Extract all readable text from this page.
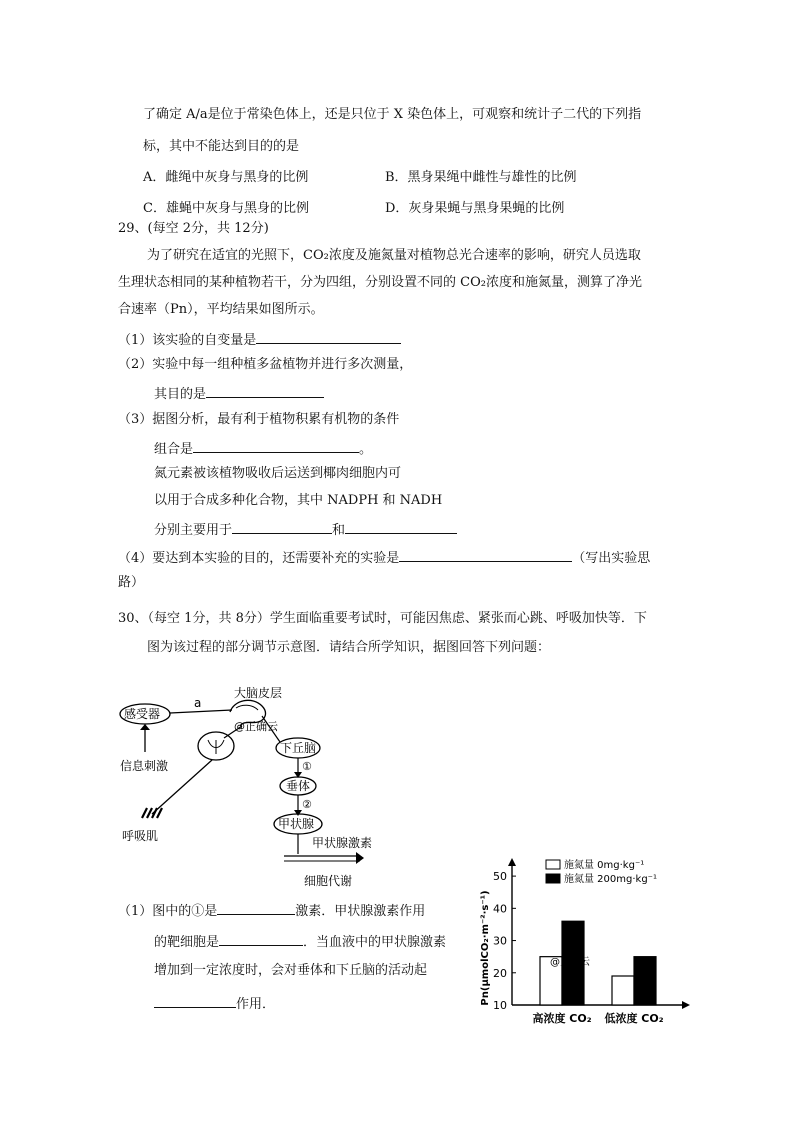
了确定 A/a是位于常染色体上，还是只位于 X 染色体上，可观察和统计子二代的下列指
标，其中不能达到目的的是
A．雌绳中灰身与黑身的比例	B．黑身果绳中雌性与雄性的比例
C．雄蝇中灰身与黑身的比例	D．灰身果蝇与黑身果蝇的比例
29、(每空 2分，共 12分)
为了研究在适宜的光照下，CO₂浓度及施氮量对植物总光合速率的影响，研究人员选取
生理状态相同的某种植物若干，分为四组，分别设置不同的 CO₂浓度和施氮量，测算了净光
合速率（Pn），平均结果如图所示。
（1）该实验的自变量是
（2）实验中每一组种植多盆植物并进行多次测量，
其目的是
（3）据图分析，最有利于植物积累有机物的条件
组合是	。
氮元素被该植物吸收后运送到椰肉细胞内可
以用于合成多种化合物，其中 NADPH 和 NADH
分别主要用于	和
（4）要达到本实验的目的，还需要补充的实验是	（写出实验思
路）
30、（每空 1分，共 8分）学生面临重要考试时，可能因焦虑、紧张而心跳、呼吸加快等．下
图为该过程的部分调节示意图．请结合所学知识，据图回答下列问题：
大脑皮层
感受器
a
@正确云
信息刺激
呼吸肌
下丘脑
①
垂体
②
甲状腺
甲状腺激素
细胞代谢
（1）图中的①是	激素．甲状腺激素作用
的靶细胞是	．当血液中的甲状腺激素
增加到一定浓度时，会对垂体和下丘脑的活动起
作用．	Pn(μmolCO₂·m⁻²·s⁻¹) 10
20
30
40
50
高浓度 CO₂ 低浓度 CO₂
施氮量 0mg·kg⁻¹
施氮量 200mg·kg⁻¹
@正确云
